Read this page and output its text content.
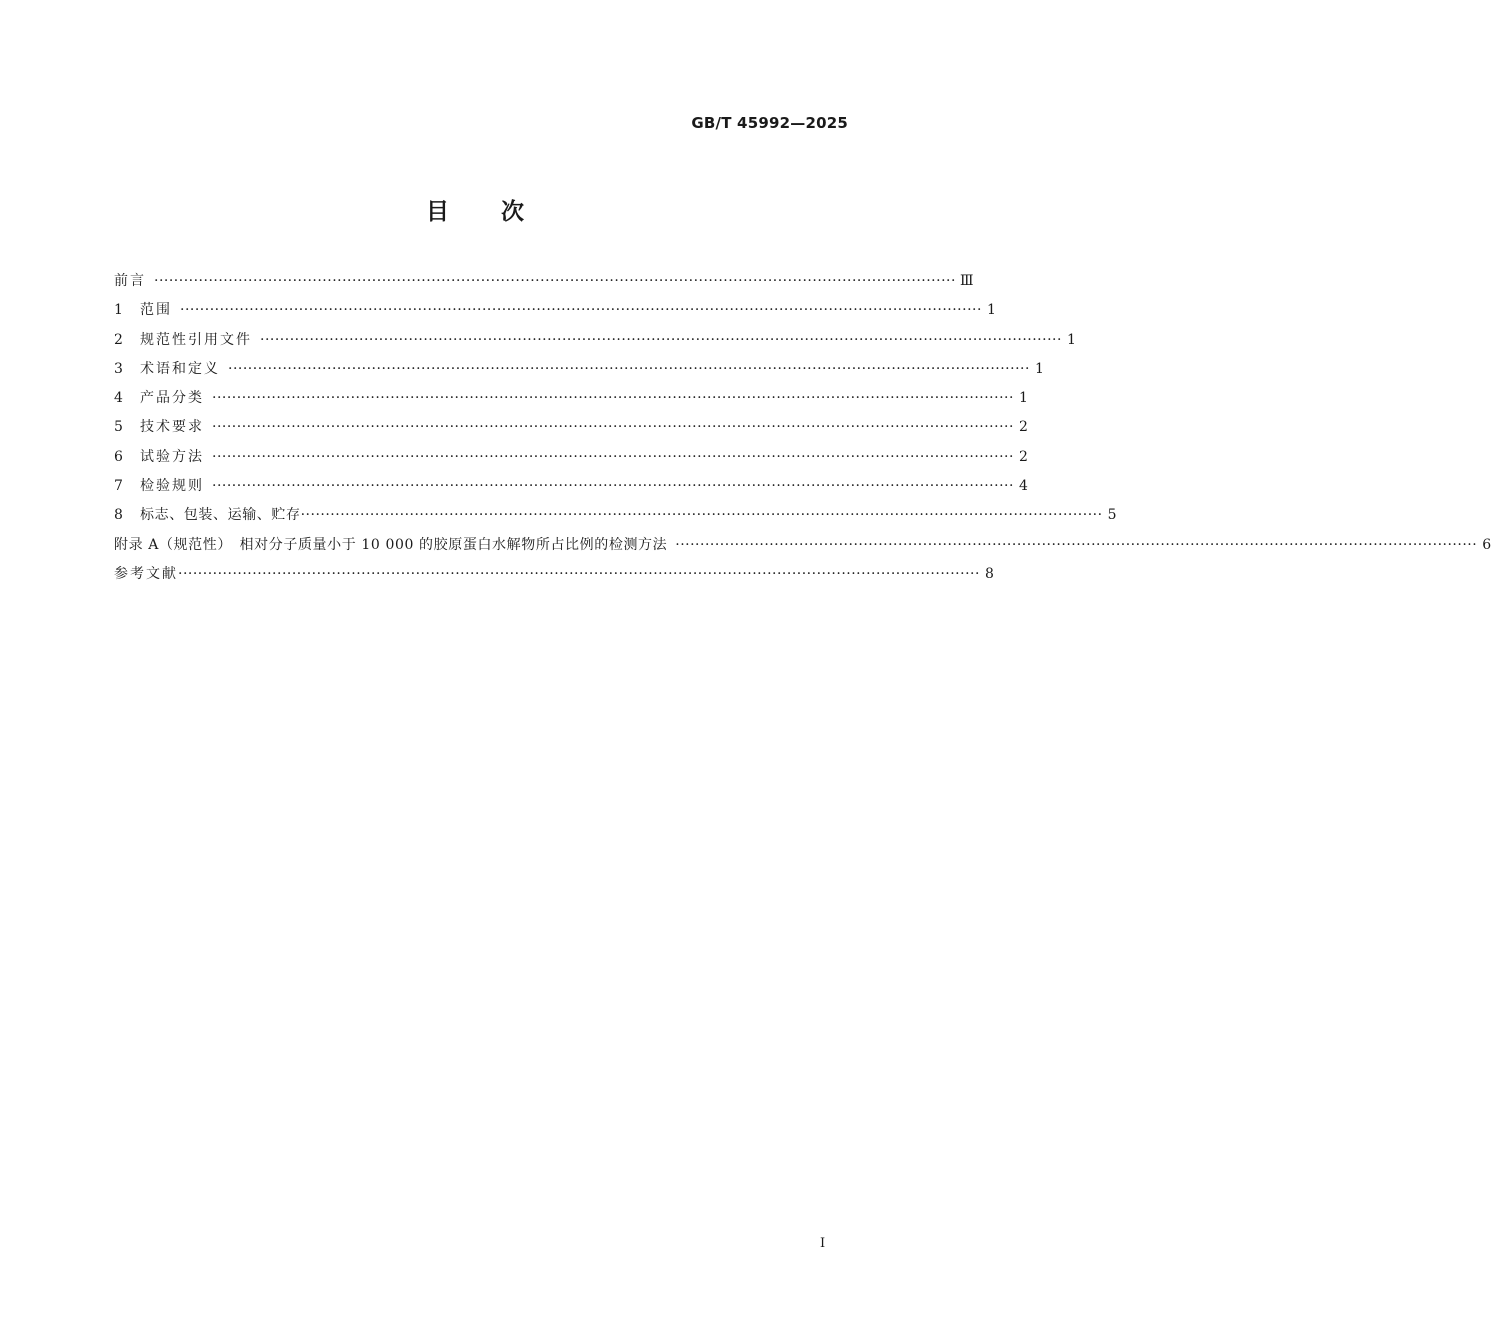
GB/T 45992—2025
目次
前言 ·································································································································································· Ⅲ
1	范围 ·································································································································································· 1
2	规范性引用文件 ·································································································································································· 1
3	术语和定义 ·································································································································································· 1
4	产品分类 ·································································································································································· 1
5	技术要求 ·································································································································································· 2
6	试验方法 ·································································································································································· 2
7	检验规则 ·································································································································································· 4
8	标志、包装、运输、贮存 ·································································································································································· 5
附录 A（规范性）　相对分子质量小于 10 000 的胶原蛋白水解物所占比例的检测方法 ·································································································································································· 6
参考文献 ·································································································································································· 8
I
